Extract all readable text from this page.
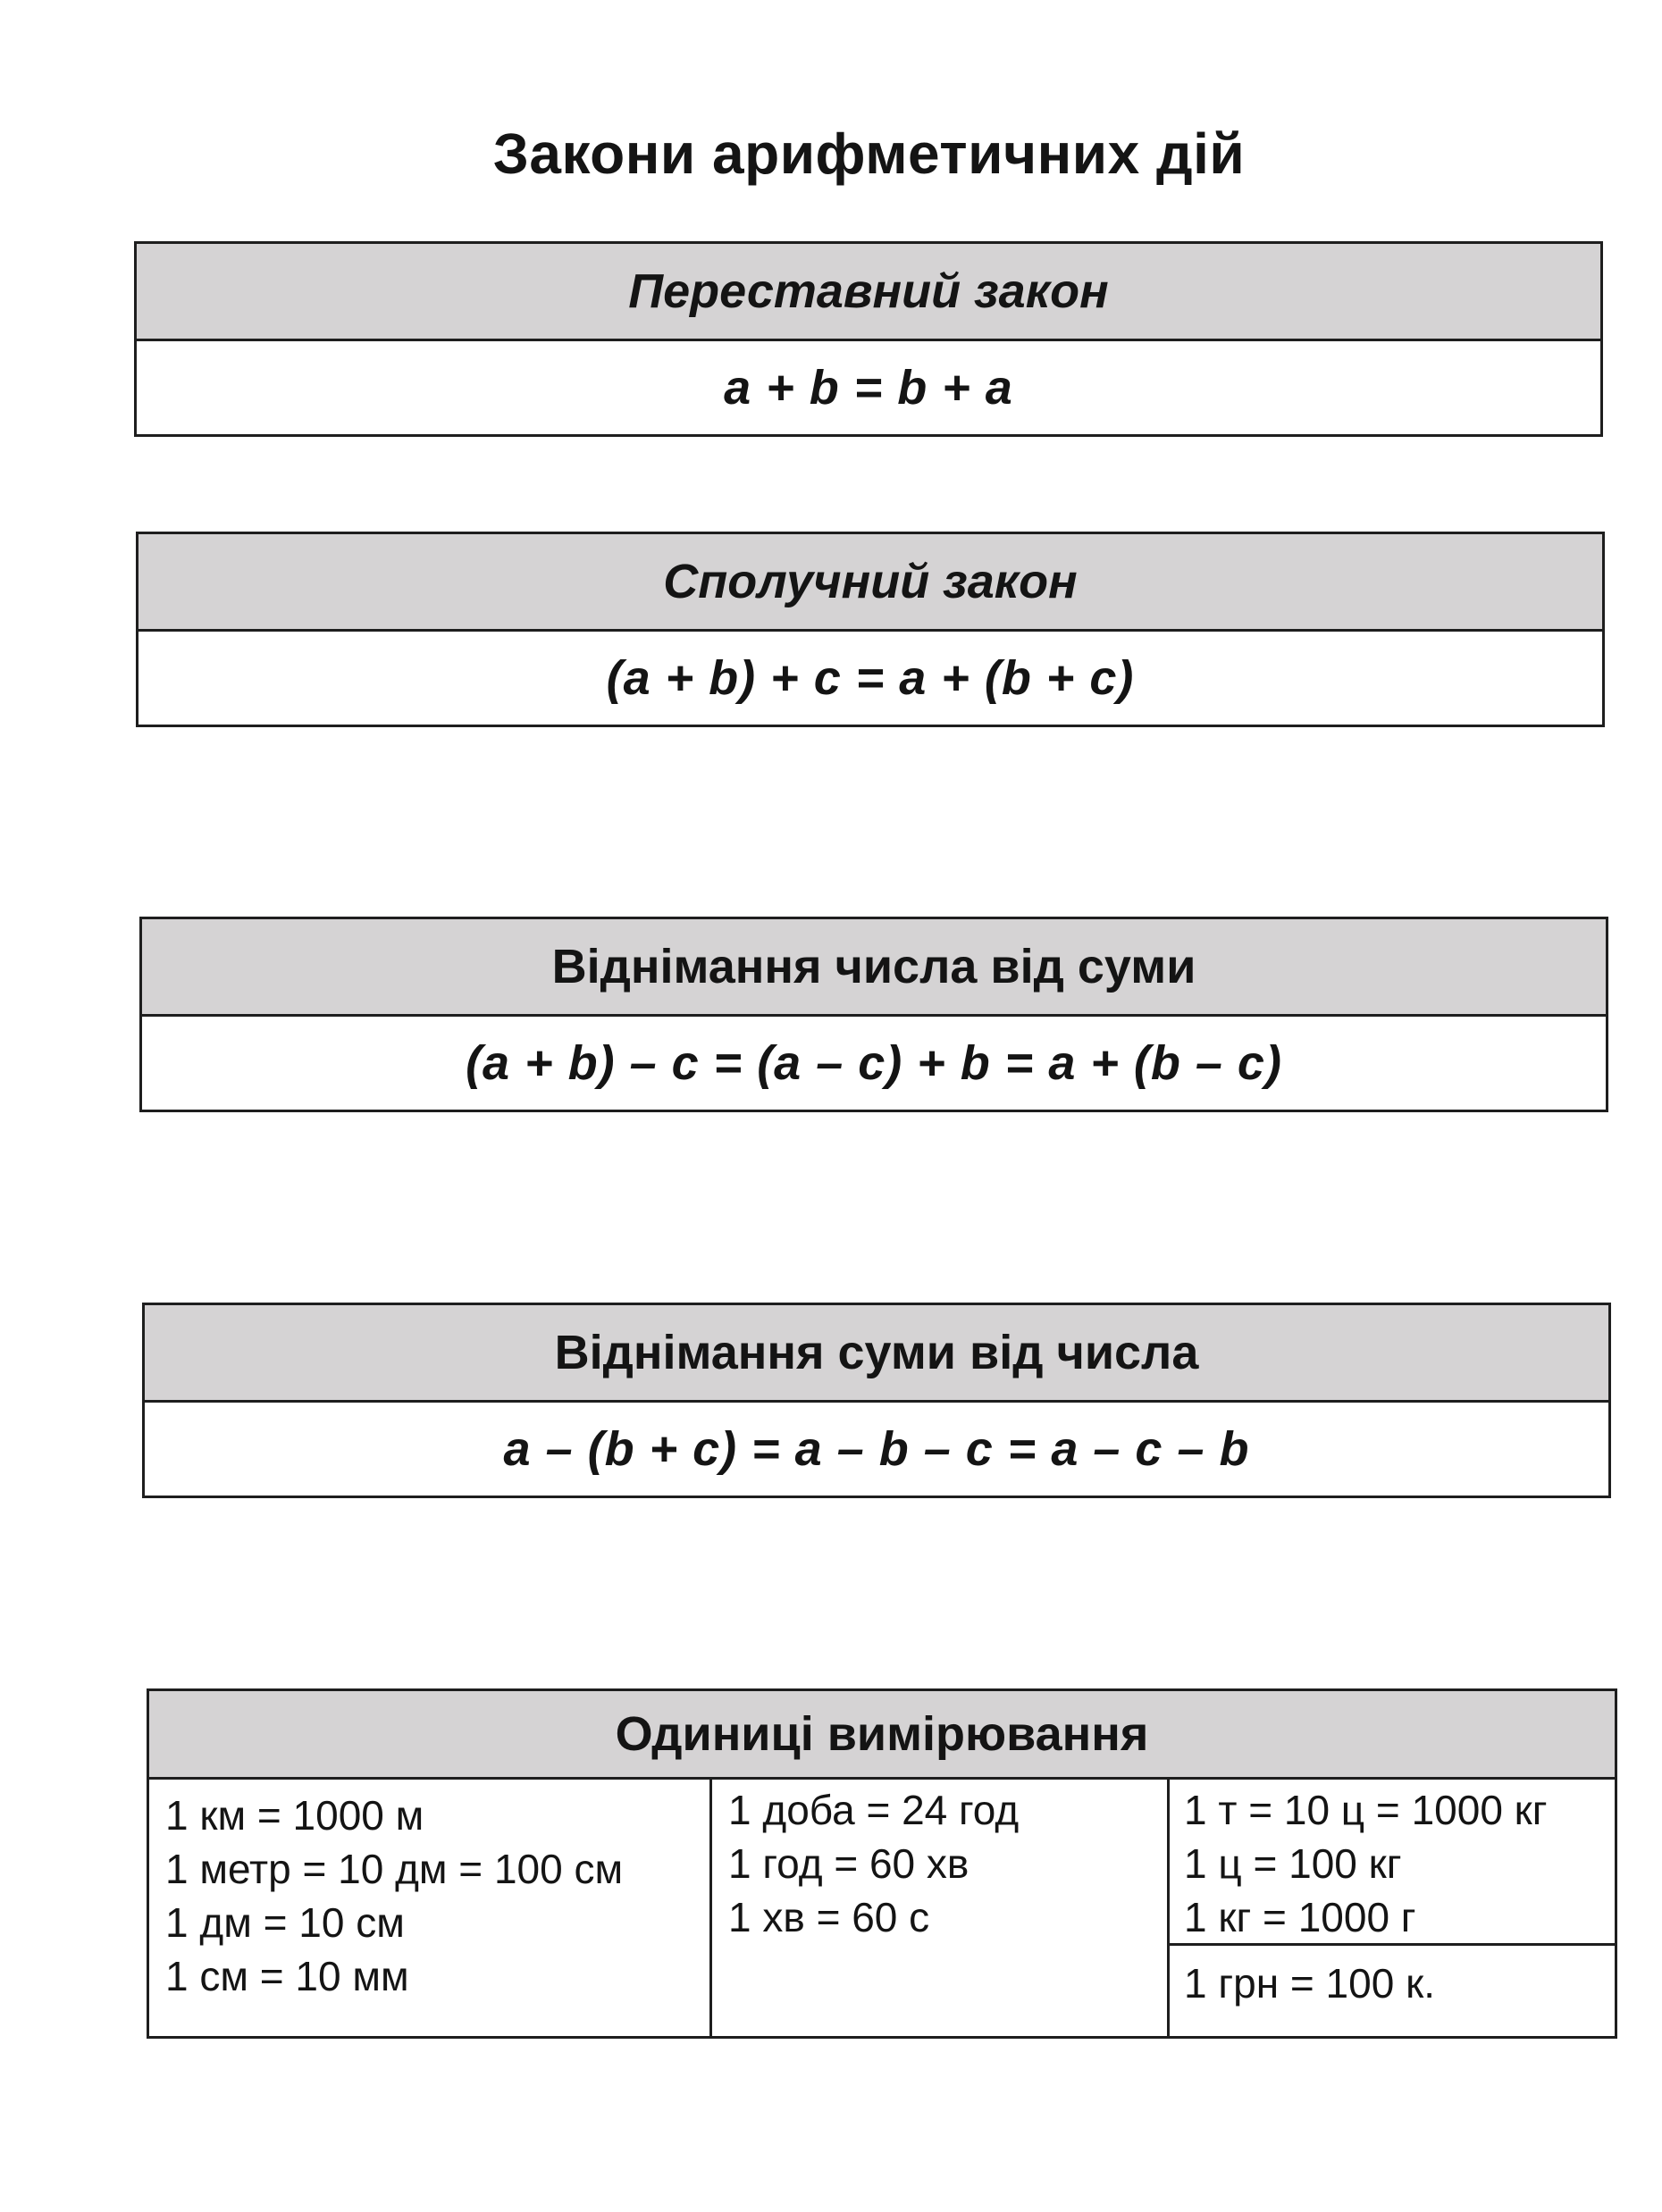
Закони арифметичних дій
Переставний закон
a + b = b + a
Сполучний закон
(a + b) + c = a + (b + c)
Віднімання числа від суми
(a + b) – c = (a – c) + b = a + (b – c)
Віднімання суми від числа
a – (b + c) = a – b – c = a – c – b
Одиниці вимірювання
1 км = 1000 м
1 метр = 10 дм = 100 см
1 дм = 10 см
1 см = 10 мм
1 доба = 24 год
1 год = 60 хв
1 хв = 60 с
1 т = 10 ц = 1000 кг
1 ц = 100 кг
1 кг = 1000 г
1 грн = 100 к.
